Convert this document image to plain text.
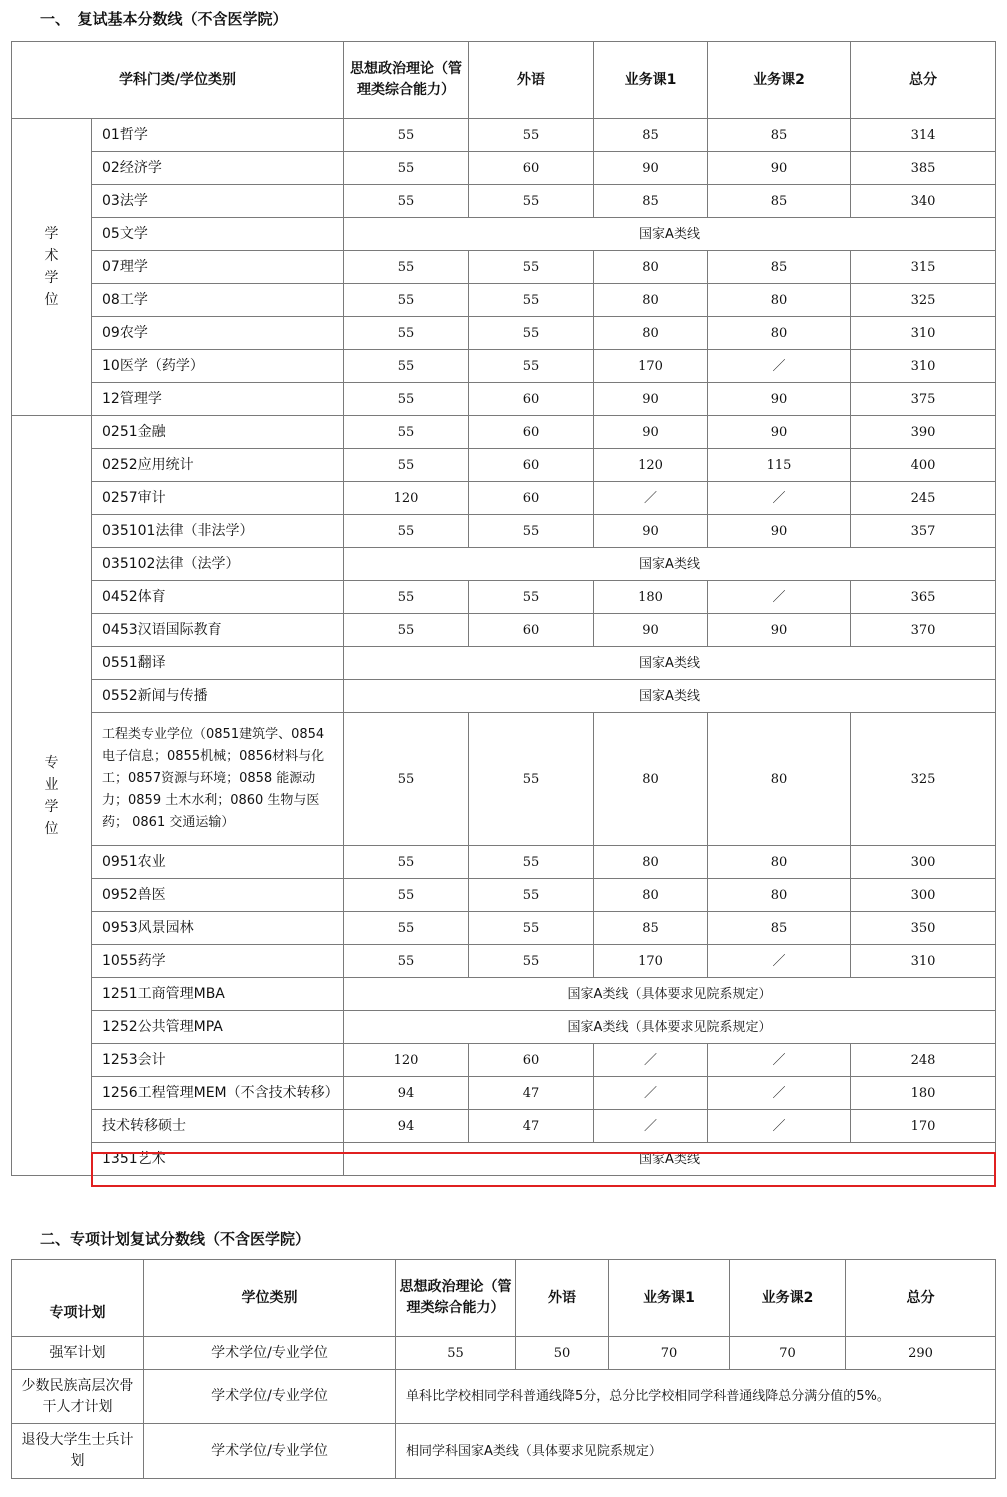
一、　复试基本分数线（不含医学院）
学科门类/学位类别		思想政治理论（管理类综合能力）	外语	业务课1	业务课2	总分
学术学位	01哲学	55	55	85	85	314
	02经济学	55	60	90	90	385
	03法学	55	55	85	85	340
	05文学	国家A类线				
	07理学	55	55	80	85	315
	08工学	55	55	80	80	325
	09农学	55	55	80	80	310
	10医学（药学）	55	55	170	／	310
	12管理学	55	60	90	90	375
专业学位	0251金融	55	60	90	90	390
	0252应用统计	55	60	120	115	400
	0257审计	120	60	／	／	245
	035101法律（非法学）	55	55	90	90	357
	035102法律（法学）	国家A类线				
	0452体育	55	55	180	／	365
	0453汉语国际教育	55	60	90	90	370
	0551翻译	国家A类线				
	0552新闻与传播	国家A类线				
	工程类专业学位（0851建筑学、0854电子信息；0855机械；0856材料与化工；0857资源与环境；0858 能源动力；0859 土木水利；0860 生物与医药； 0861 交通运输）	55	55	80	80	325
	0951农业	55	55	80	80	300
	0952兽医	55	55	80	80	300
	0953风景园林	55	55	85	85	350
	1055药学	55	55	170	／	310
	1251工商管理MBA	国家A类线（具体要求见院系规定）				
	1252公共管理MPA	国家A类线（具体要求见院系规定）				
	1253会计	120	60	／	／	248
	1256工程管理MEM（不含技术转移）	94	47	／	／	180
	技术转移硕士	94	47	／	／	170
	1351艺术	国家A类线				
二、专项计划复试分数线（不含医学院）
专项计划	学位类别	思想政治理论（管理类综合能力）	外语	业务课1	业务课2	总分
强军计划	学术学位/专业学位	55	50	70	70	290
少数民族高层次骨干人才计划	学术学位/专业学位	单科比学校相同学科普通线降5分，总分比学校相同学科普通线降总分满分值的5%。				
退役大学生士兵计划	学术学位/专业学位	相同学科国家A类线（具体要求见院系规定）				
